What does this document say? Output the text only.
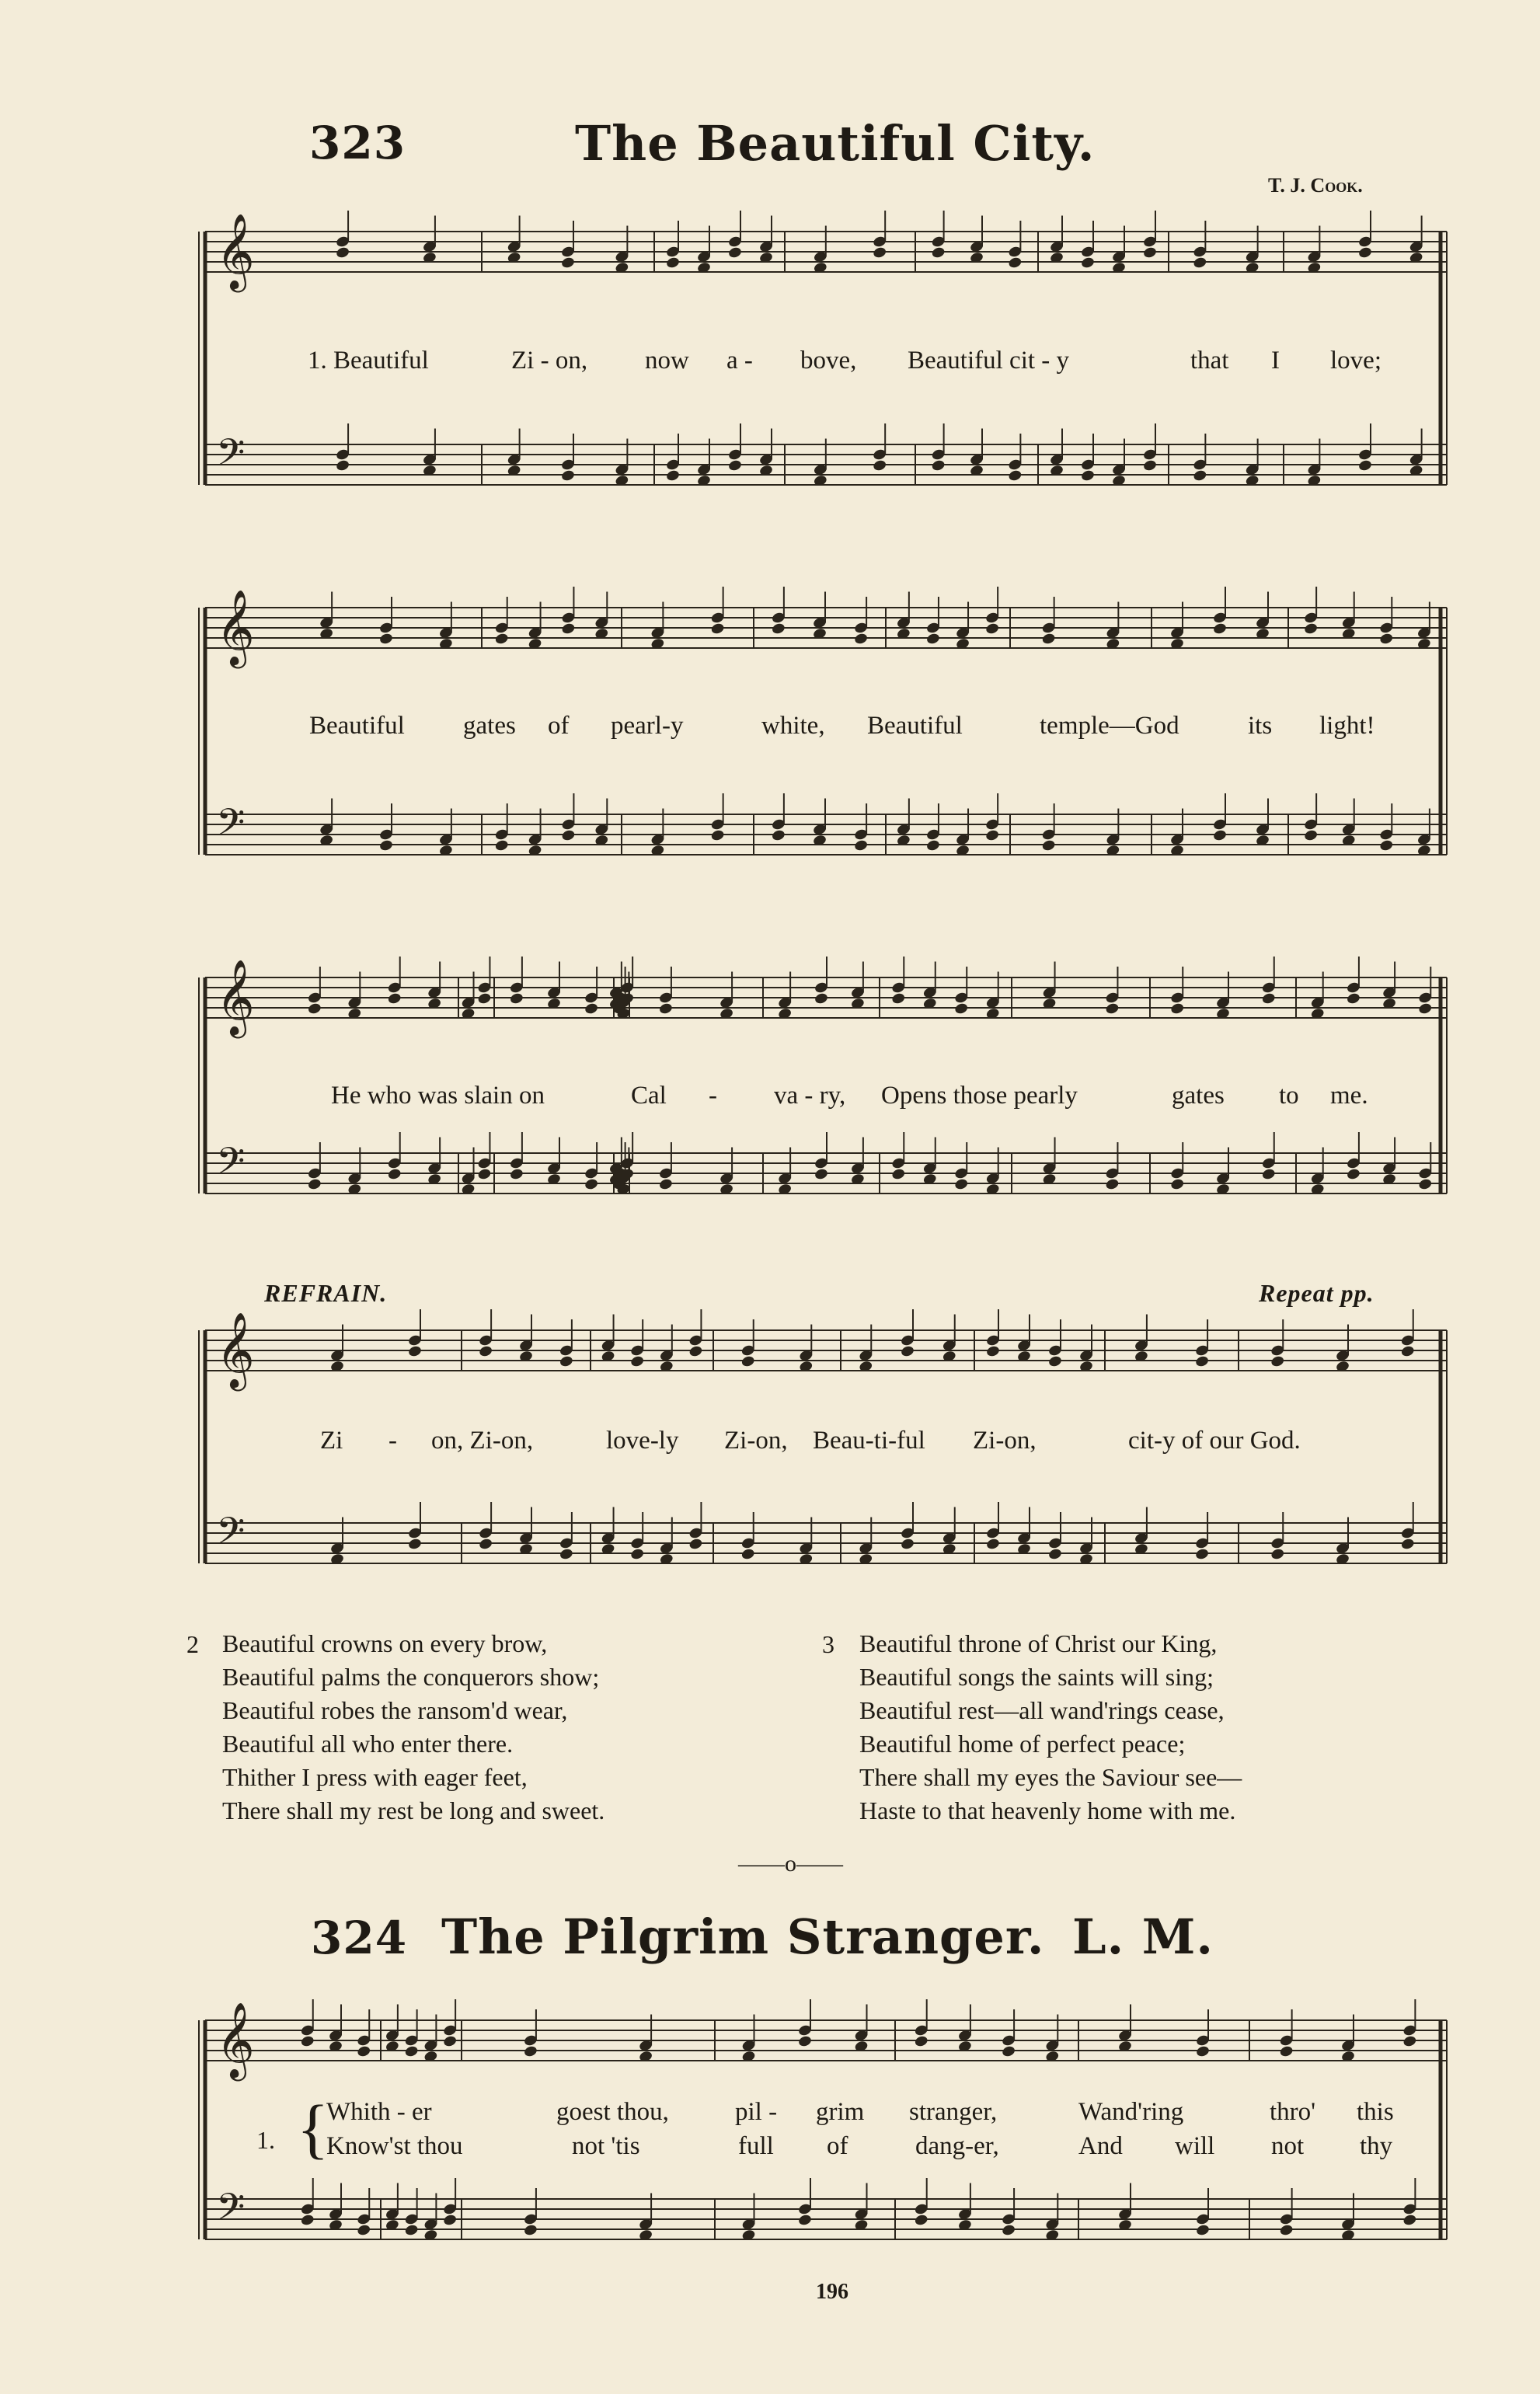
𝄞
𝄢
𝄞
𝄢
𝄞
𝄢
𝄞
𝄢
𝄞
𝄢
323	The Beautiful City.
T. J. Cook.
1. Beautiful	Zi - on, now a - bove, Beautiful cit - y	that I love;
Beautiful gates of pearl-y	white, Beautiful	temple—God	its light!
He who was slain on	Cal - va - ry, Opens those pearly	gates to me.
REFRAIN.	Repeat pp.
Zi - on, Zi-on,	love-ly Zi-on, Beau-ti-ful Zi-on,	cit-y of our God.
2 Beautiful crowns on every brow,
Beautiful palms the conquerors show;
Beautiful robes the ransom'd wear,
Beautiful all who enter there.
Thither I press with eager feet,
There shall my rest be long and sweet.
3 Beautiful throne of Christ our King,
Beautiful songs the saints will sing;
Beautiful rest—all wand'rings cease,
Beautiful home of perfect peace;
There shall my eyes the Saviour see—
Haste to that heavenly home with me.
——o——
324 The Pilgrim Stranger. L. M.
1. {
Whith - er	goest thou,	pil - grim stranger,	Wand'ring	thro' this
Know'st thou	not 'tis	full of	dang-er,	And will not thy
196
